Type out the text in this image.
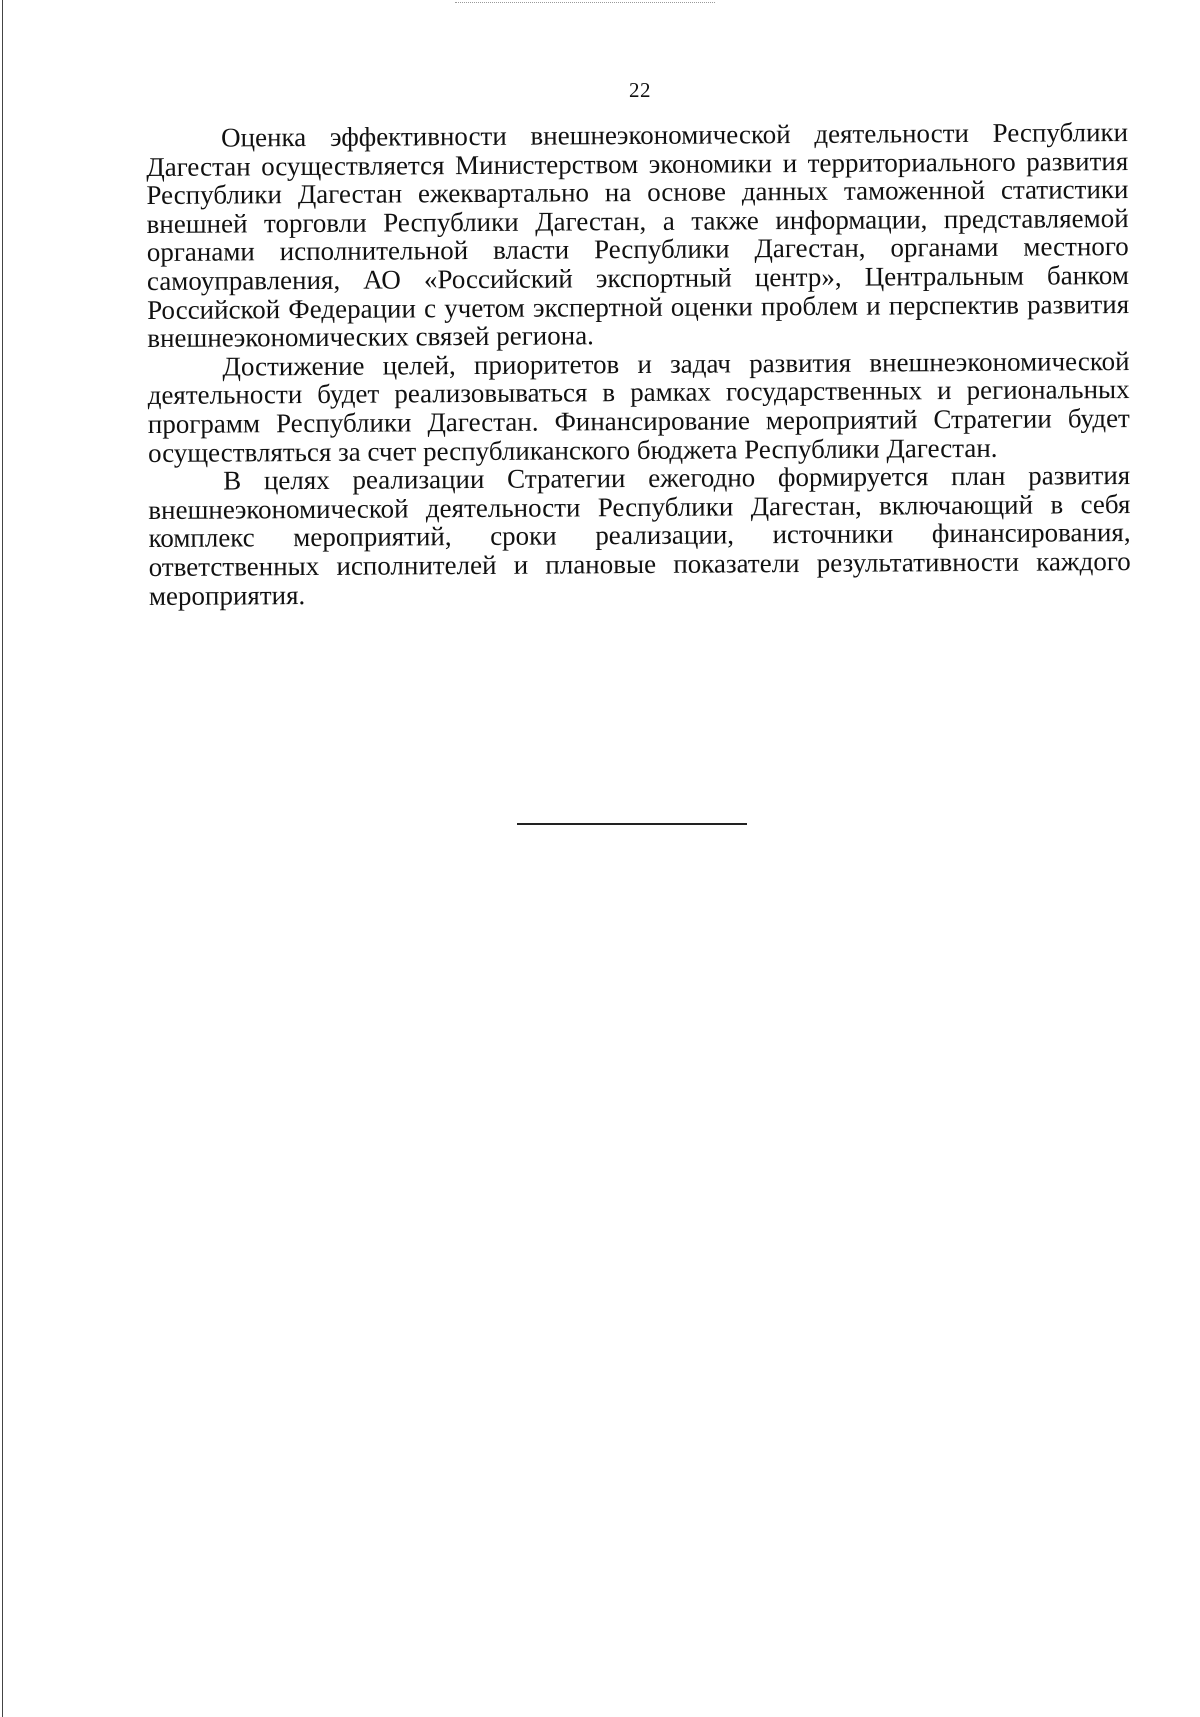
22

Оценка эффективности внешнеэкономической деятельности Республики Дагестан осуществляется Министерством экономики и территориального развития Республики Дагестан ежеквартально на основе данных таможенной статистики внешней торговли Республики Дагестан, а также информации, представляемой органами исполнительной власти Республики Дагестан, органами местного самоуправления, АО «Российский экспортный центр», Центральным банком Российской Федерации с учетом экспертной оценки проблем и перспектив развития внешнеэкономических связей региона.

Достижение целей, приоритетов и задач развития внешнеэкономической деятельности будет реализовываться в рамках государственных и региональных программ Республики Дагестан. Финансирование мероприятий Стратегии будет осуществляться за счет республиканского бюджета Республики Дагестан.

В целях реализации Стратегии ежегодно формируется план развития внешнеэкономической деятельности Республики Дагестан, включающий в себя комплекс мероприятий, сроки реализации, источники финансирования, ответственных исполнителей и плановые показатели результативности каждого мероприятия.
